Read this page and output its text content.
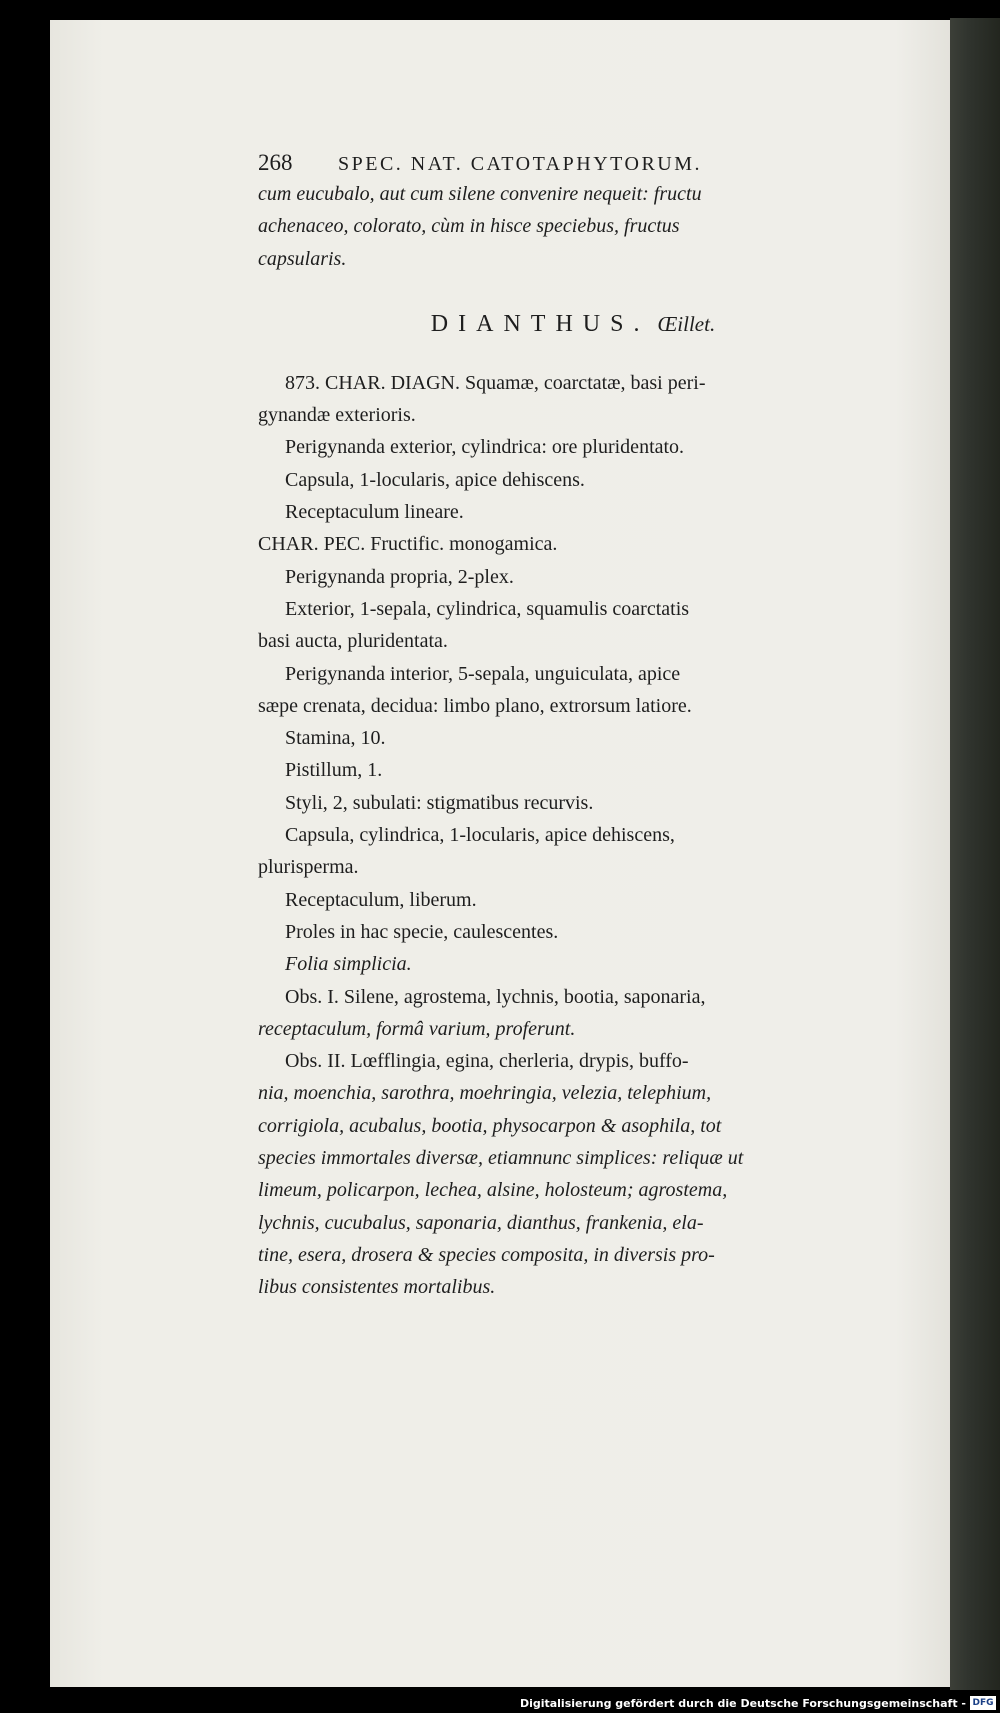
268	SPEC. NAT. CATOTAPHYTORUM.
cum eucubalo, aut cum silene convenire nequeit: fructu
achenaceo, colorato, cùm in hisce speciebus, fructus
capsularis.
DIANTHUS. Œillet.
873. CHAR. DIAGN. Squamæ, coarctatæ, basi peri-
gynandæ exterioris.
Perigynanda exterior, cylindrica: ore pluridentato.
Capsula, 1-locularis, apice dehiscens.
Receptaculum lineare.
CHAR. PEC. Fructific. monogamica.
Perigynanda propria, 2-plex.
Exterior, 1-sepala, cylindrica, squamulis coarctatis
basi aucta, pluridentata.
Perigynanda interior, 5-sepala, unguiculata, apice
sæpe crenata, decidua: limbo plano, extrorsum latiore.
Stamina, 10.
Pistillum, 1.
Styli, 2, subulati: stigmatibus recurvis.
Capsula, cylindrica, 1-locularis, apice dehiscens,
plurisperma.
Receptaculum, liberum.
Proles in hac specie, caulescentes.
Folia simplicia.
Obs. I. Silene, agrostema, lychnis, bootia, saponaria,
receptaculum, formâ varium, proferunt.
Obs. II. Lœfflingia, egina, cherleria, drypis, buffo-
nia, moenchia, sarothra, moehringia, velezia, telephium,
corrigiola, acubalus, bootia, physocarpon & asophila, tot
species immortales diversæ, etiamnunc simplices: reliquæ ut
limeum, policarpon, lechea, alsine, holosteum; agrostema,
lychnis, cucubalus, saponaria, dianthus, frankenia, ela-
tine, esera, drosera & species composita, in diversis pro-
libus consistentes mortalibus.
Digitalisierung gefördert durch die Deutsche Forschungsgemeinschaft - DFG
